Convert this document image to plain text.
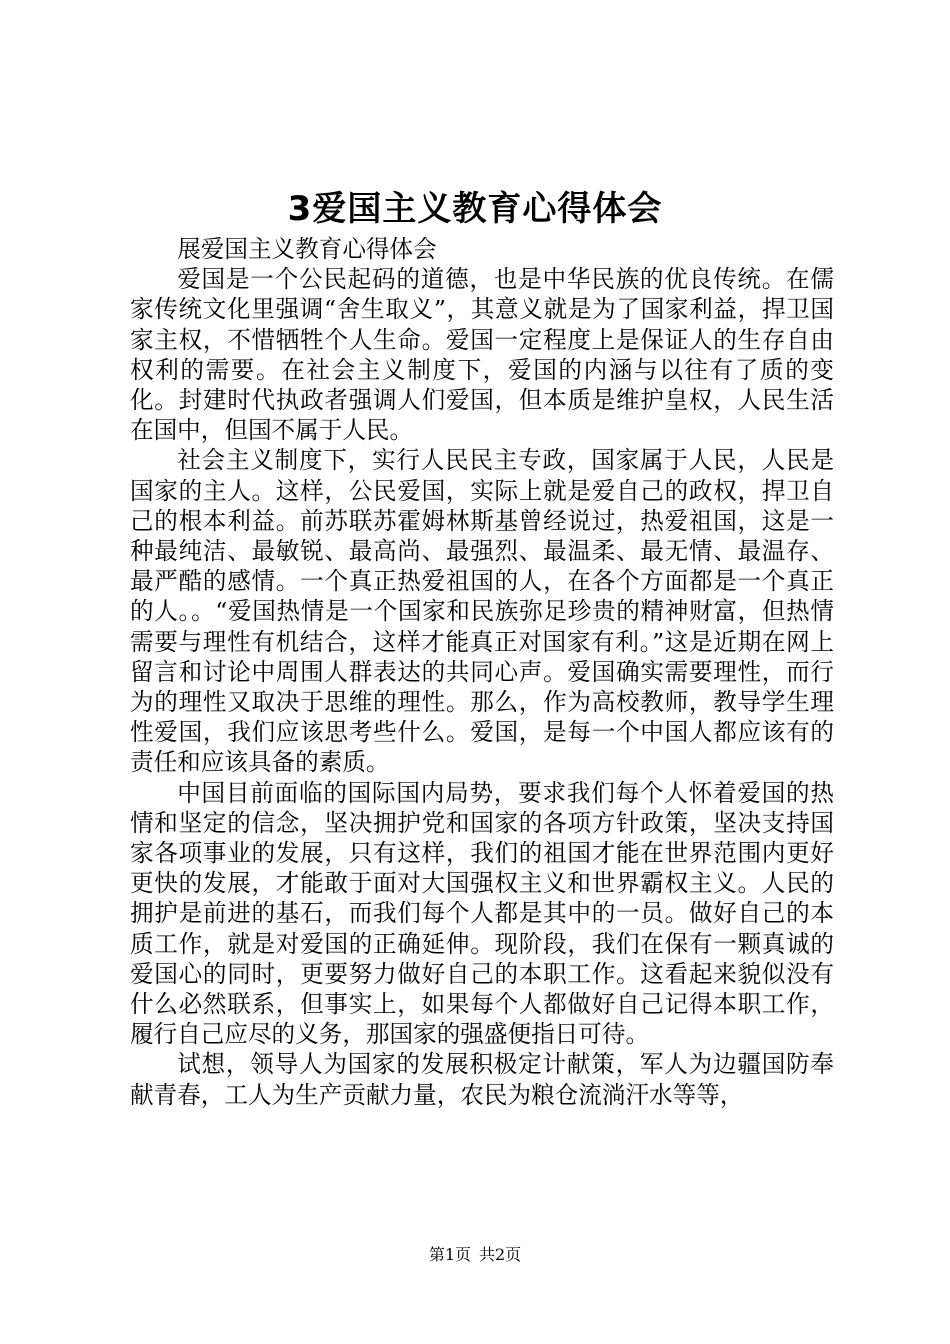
3爱国主义教育心得体会

展爱国主义教育心得体会

爱国是一个公民起码的道德，也是中华民族的优良传统。在儒家传统文化里强调“舍生取义”，其意义就是为了国家利益，捍卫国家主权，不惜牺牲个人生命。爱国一定程度上是保证人的生存自由权利的需要。在社会主义制度下，爱国的内涵与以往有了质的变化。封建时代执政者强调人们爱国，但本质是维护皇权，人民生活在国中，但国不属于人民。

社会主义制度下，实行人民民主专政，国家属于人民，人民是国家的主人。这样，公民爱国，实际上就是爱自己的政权，捍卫自己的根本利益。前苏联苏霍姆林斯基曾经说过，热爱祖国，这是一种最纯洁、最敏锐、最高尚、最强烈、最温柔、最无情、最温存、最严酷的感情。一个真正热爱祖国的人，在各个方面都是一个真正的人。。“爱国热情是一个国家和民族弥足珍贵的精神财富，但热情需要与理性有机结合，这样才能真正对国家有利。”这是近期在网上留言和讨论中周围人群表达的共同心声。爱国确实需要理性，而行为的理性又取决于思维的理性。那么，作为高校教师，教导学生理性爱国，我们应该思考些什么。爱国，是每一个中国人都应该有的责任和应该具备的素质。

中国目前面临的国际国内局势，要求我们每个人怀着爱国的热情和坚定的信念，坚决拥护党和国家的各项方针政策，坚决支持国家各项事业的发展，只有这样，我们的祖国才能在世界范围内更好更快的发展，才能敢于面对大国强权主义和世界霸权主义。人民的拥护是前进的基石，而我们每个人都是其中的一员。做好自己的本质工作，就是对爱国的正确延伸。现阶段，我们在保有一颗真诚的爱国心的同时，更要努力做好自己的本职工作。这看起来貌似没有什么必然联系，但事实上，如果每个人都做好自己记得本职工作，履行自己应尽的义务，那国家的强盛便指日可待。

试想，领导人为国家的发展积极定计献策，军人为边疆国防奉献青春，工人为生产贡献力量，农民为粮仓流淌汗水等等，

第1页 共2页
